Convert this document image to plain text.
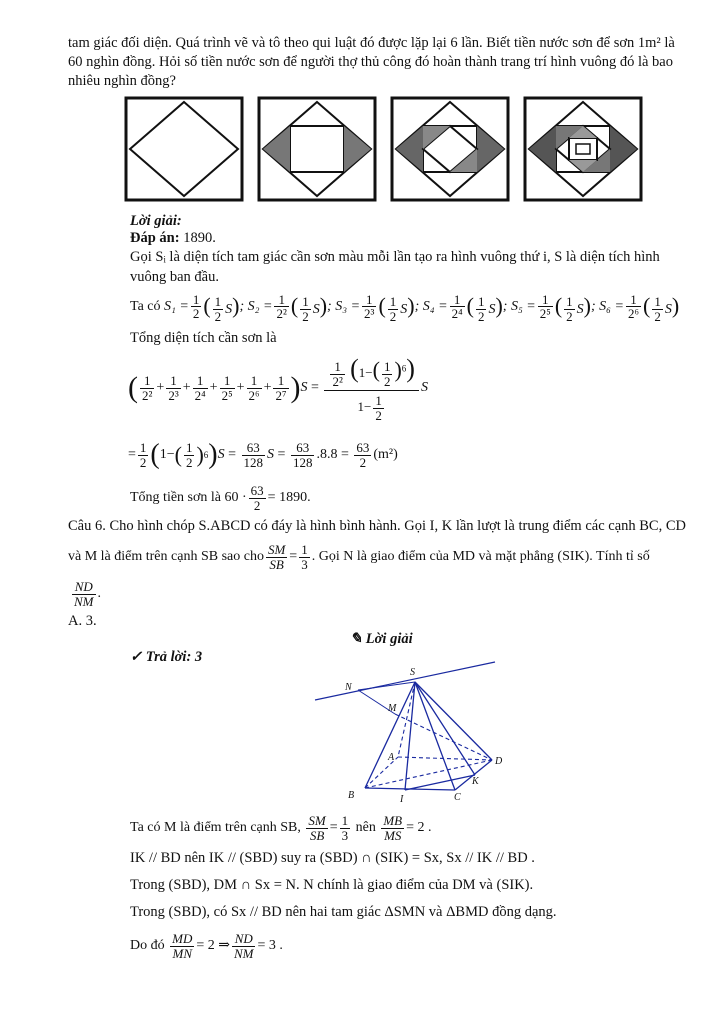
tam giác đối diện. Quá trình vẽ và tô theo qui luật đó được lặp lại 6 lần. Biết tiền nước sơn để sơn 1m² là
60 nghìn đồng. Hỏi số tiền nước sơn để người thợ thủ công đó hoàn thành trang trí hình vuông đó là bao
nhiêu nghìn đồng?
Lời giải:
Đáp án: 1890.
Gọi Sᵢ là diện tích tam giác cần sơn màu mỗi lần tạo ra hình vuông thứ i, S là diện tích hình
vuông ban đầu.
Ta có
$S_1 = \frac{1}{2}$ ( $\frac{1}{2} S$) ; $S_2 = \frac{1}{\text{2²}}$ ( $\frac{1}{2} S$) ; $S_3 = \frac{1}{\text{2³}}$ ( $\frac{1}{2} S$) ; $S_4 = \frac{1}{\text{2⁴}}$ ( $\frac{1}{2} S$) ; $S_5 = \frac{1}{\text{2⁵}}$ ( $\frac{1}{2} S$) ; $S_6 = \frac{1}{\text{2⁶}}$ ( $\frac{1}{2} S$)
Tổng diện tích cần sơn là
( $\frac{1}{\text{2²}} + \frac{1}{\text{2³}} + \frac{1}{\text{2⁴}} + \frac{1}{\text{2⁵}} + \frac{1}{\text{2⁶}} + \frac{1}{\text{2⁷}}$ ) $S = \frac{\frac{1}{\text{2²}} (1-( \frac{1}{2} )^6)}{1- \frac{1}{2}}$ S
= $\frac{1}{2}$ ( 1− ( $\frac{1}{2}$ ) 6 ) $S = \frac{63}{128}$ $S = \frac{63}{128} .8.8$ =
$\frac{63}{2} (m^2)$
Tổng tiền sơn là
$60 \cdot \frac{63}{2} = 1890$.
Câu 6. Cho hình chóp S.ABCD có đáy là hình bình hành. Gọi I, K lần lượt là trung điểm các cạnh BC, CD
và M là điểm trên cạnh SB sao cho $\frac{SM}{SB} = \frac{1}{3}$ . Gọi N là giao điểm của MD và mặt phẳng (SIK). Tính tỉ số
$\frac{ND}{NM}$ .
A. 3.
✎ Lời giải
✓ Trả lời: 3
S
N
M
A	D
K
B	I	C
Ta có M là điểm trên cạnh SB,
$\frac{SM}{SB} = \frac{1}{3}$
nên
$\frac{MB}{MS} = 2$ .
IK // BD nên IK // (SBD) suy ra (SBD) ∩ (SIK) = Sx, Sx // IK // BD .
Trong (SBD), DM ∩ Sx = N. N chính là giao điểm của DM và (SIK).
Trong (SBD), có Sx // BD nên hai tam giác ΔSMN và ΔBMD đồng dạng.
Do đó
$\frac{MD}{MN} = 2$ ⇒ $\frac{ND}{NM} = 3$ .
